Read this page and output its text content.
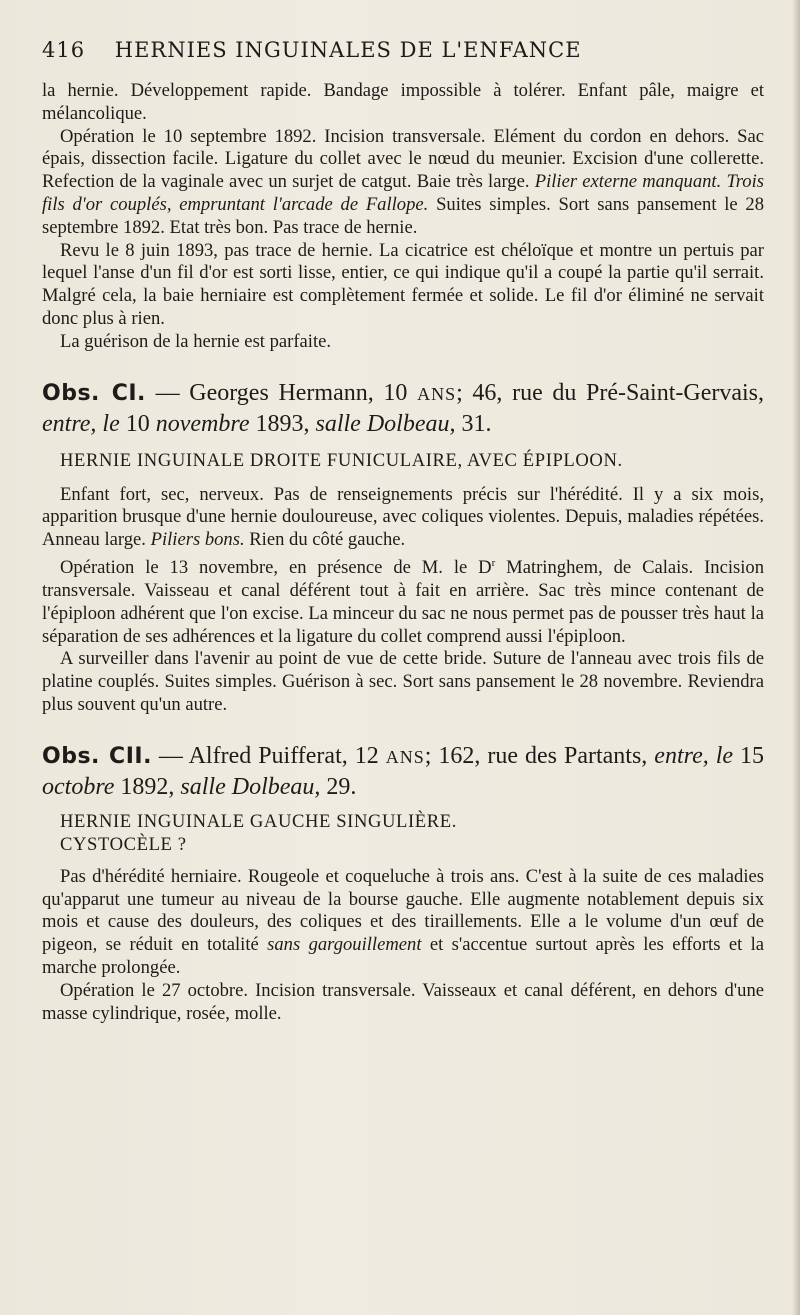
416 HERNIES INGUINALES DE L'ENFANCE

la hernie. Développement rapide. Bandage impossible à tolérer. Enfant pâle, maigre et mélancolique.

Opération le 10 septembre 1892. Incision transversale. Elément du cordon en dehors. Sac épais, dissection facile. Ligature du collet avec le nœud du meunier. Excision d'une collerette. Refection de la vaginale avec un surjet de catgut. Baie très large. Pilier externe manquant. Trois fils d'or couplés, empruntant l'arcade de Fallope. Suites simples. Sort sans pansement le 28 septembre 1892. Etat très bon. Pas trace de hernie.

Revu le 8 juin 1893, pas trace de hernie. La cicatrice est chéloïque et montre un pertuis par lequel l'anse d'un fil d'or est sorti lisse, entier, ce qui indique qu'il a coupé la partie qu'il serrait. Malgré cela, la baie herniaire est complètement fermée et solide. Le fil d'or éliminé ne servait donc plus à rien.

La guérison de la hernie est parfaite.

Obs. CI. — Georges Hermann, 10 ANS; 46, rue du Pré-Saint-Gervais, entre, le 10 novembre 1893, salle Dolbeau, 31.

HERNIE INGUINALE DROITE FUNICULAIRE, AVEC ÉPIPLOON.

Enfant fort, sec, nerveux. Pas de renseignements précis sur l'hérédité. Il y a six mois, apparition brusque d'une hernie douloureuse, avec coliques violentes. Depuis, maladies répétées. Anneau large. Piliers bons. Rien du côté gauche.

Opération le 13 novembre, en présence de M. le $D^r$ Matringhem, de Calais. Incision transversale. Vaisseau et canal déférent tout à fait en arrière. Sac très mince contenant de l'épiploon adhérent que l'on excise. La minceur du sac ne nous permet pas de pousser très haut la séparation de ses adhérences et la ligature du collet comprend aussi l'épiploon.

A surveiller dans l'avenir au point de vue de cette bride. Suture de l'anneau avec trois fils de platine couplés. Suites simples. Guérison à sec. Sort sans pansement le 28 novembre. Reviendra plus souvent qu'un autre.

Obs. CII. — Alfred Puifferat, 12 ANS; 162, rue des Partants, entre, le 15 octobre 1892, salle Dolbeau, 29.

HERNIE INGUINALE GAUCHE SINGULIÈRE.

CYSTOCÈLE ?

Pas d'hérédité herniaire. Rougeole et coqueluche à trois ans. C'est à la suite de ces maladies qu'apparut une tumeur au niveau de la bourse gauche. Elle augmente notablement depuis six mois et cause des douleurs, des coliques et des tiraillements. Elle a le volume d'un œuf de pigeon, se réduit en totalité sans gargouillement et s'accentue surtout après les efforts et la marche prolongée.

Opération le 27 octobre. Incision transversale. Vaisseaux et canal déférent, en dehors d'une masse cylindrique, rosée, molle.
